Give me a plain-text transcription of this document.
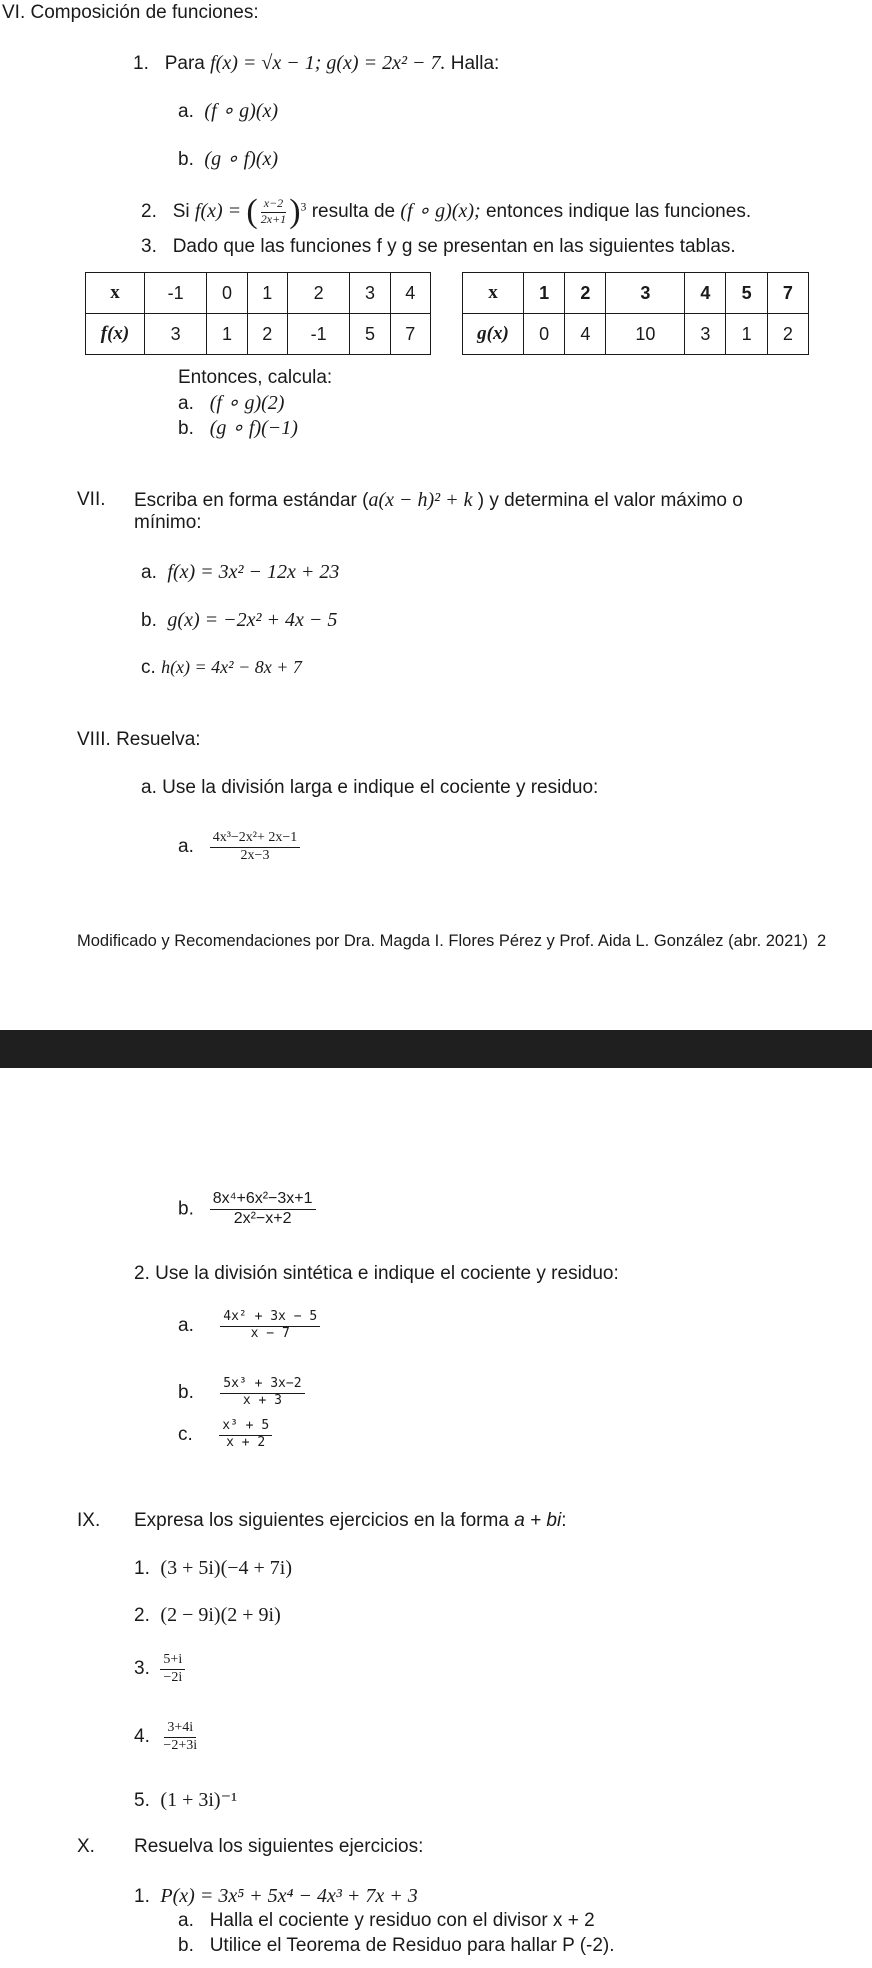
VI. Composición de funciones:
1. Para f(x) = √x − 1; g(x) = 2x² − 7. Halla:
a. (f ∘ g)(x)
b. (g ∘ f)(x)
2. Si f(x) = ( $\frac{x-2}{2x+1} )^3$ resulta de (f ∘ g)(x); entonces indique las funciones.
3. Dado que las funciones f y g se presentan en las siguientes tablas.
x	-1	0	1	2	3	4
f(x)	3	1	2	-1	5	7
x	1	2	3	4	5	7
g(x)	0	4	10	3	1	2
Entonces, calcula:
a. (f ∘ g)(2)
b. (g ∘ f)(−1)
VII. Escriba en forma estándar (a(x − h)² + k ) y determina el valor máximo o
mínimo:
a. f(x) = 3x² − 12x + 23
b. g(x) = −2x² + 4x − 5
c. h(x) = 4x² − 8x + 7
VIII. Resuelva:
a. Use la división larga e indique el cociente y residuo:
a. $\frac{\text{4x³−2x²+ 2x−1}}{2x-3}$
Modificado y Recomendaciones por Dra. Magda I. Flores Pérez y Prof. Aida L. González (abr. 2021) 2
b. $\frac{\text{8x⁴+6x²−3x+1}}{\text{2x²−x+2}}$
2. Use la división sintética e indique el cociente y residuo:
a. $\frac{\text{4x² + 3x − 5}}{x - 7}$
b. $\frac{\text{5x³ + 3x−2}}{x + 3}$
c. $\frac{\text{x³ + 5}}{x + 2}$
IX. Expresa los siguientes ejercicios en la forma a + bi:
1. (3 + 5i)(−4 + 7i)
2. (2 − 9i)(2 + 9i)
3. $\frac{5+i}{-2i}$
4. $\frac{3+4i}{-2+3i}$
5. (1 + 3i)⁻¹
X. Resuelva los siguientes ejercicios:
1. P(x) = 3x⁵ + 5x⁴ − 4x³ + 7x + 3
a. Halla el cociente y residuo con el divisor x + 2
b. Utilice el Teorema de Residuo para hallar P (-2).
